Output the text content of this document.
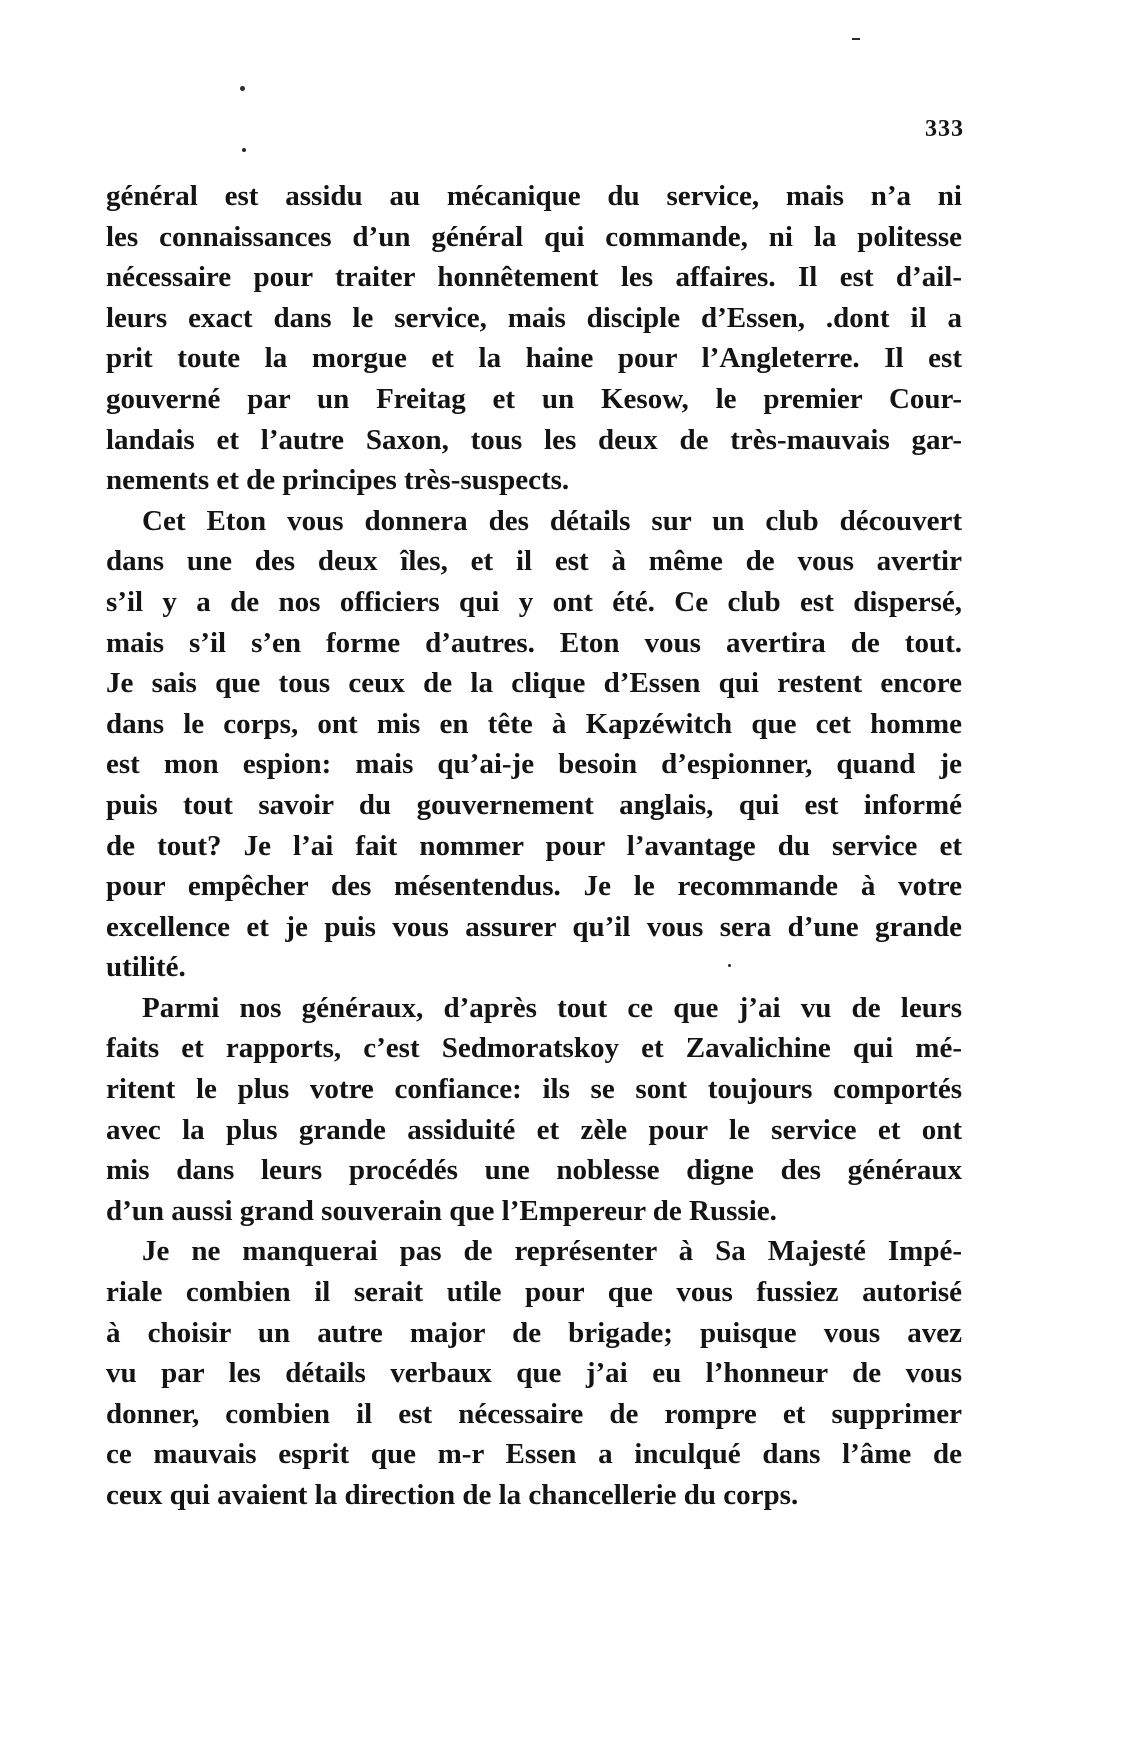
333

général est assidu au mécanique du service, mais n’a ni
les connaissances d’un général qui commande, ni la politesse
nécessaire pour traiter honnêtement les affaires. Il est d’ail-
leurs exact dans le service, mais disciple d’Essen, .dont il a
prit toute la morgue et la haine pour l’Angleterre. Il est
gouverné par un Freitag et un Kesow, le premier Cour-
landais et l’autre Saxon, tous les deux de très-mauvais gar-
nements et de principes très-suspects.

Cet Eton vous donnera des détails sur un club découvert
dans une des deux îles, et il est à même de vous avertir
s’il y a de nos officiers qui y ont été. Ce club est dispersé,
mais s’il s’en forme d’autres. Eton vous avertira de tout.
Je sais que tous ceux de la clique d’Essen qui restent encore
dans le corps, ont mis en tête à Kapzéwitch que cet homme
est mon espion: mais qu’ai-je besoin d’espionner, quand je
puis tout savoir du gouvernement anglais, qui est informé
de tout? Je l’ai fait nommer pour l’avantage du service et
pour empêcher des mésentendus. Je le recommande à votre
excellence et je puis vous assurer qu’il vous sera d’une grande
utilité.

Parmi nos généraux, d’après tout ce que j’ai vu de leurs
faits et rapports, c’est Sedmoratskoy et Zavalichine qui mé-
ritent le plus votre confiance: ils se sont toujours comportés
avec la plus grande assiduité et zèle pour le service et ont
mis dans leurs procédés une noblesse digne des généraux
d’un aussi grand souverain que l’Empereur de Russie.

Je ne manquerai pas de représenter à Sa Majesté Impé-
riale combien il serait utile pour que vous fussiez autorisé
à choisir un autre major de brigade; puisque vous avez
vu par les détails verbaux que j’ai eu l’honneur de vous
donner, combien il est nécessaire de rompre et supprimer
ce mauvais esprit que m-r Essen a inculqué dans l’âme de
ceux qui avaient la direction de la chancellerie du corps.
